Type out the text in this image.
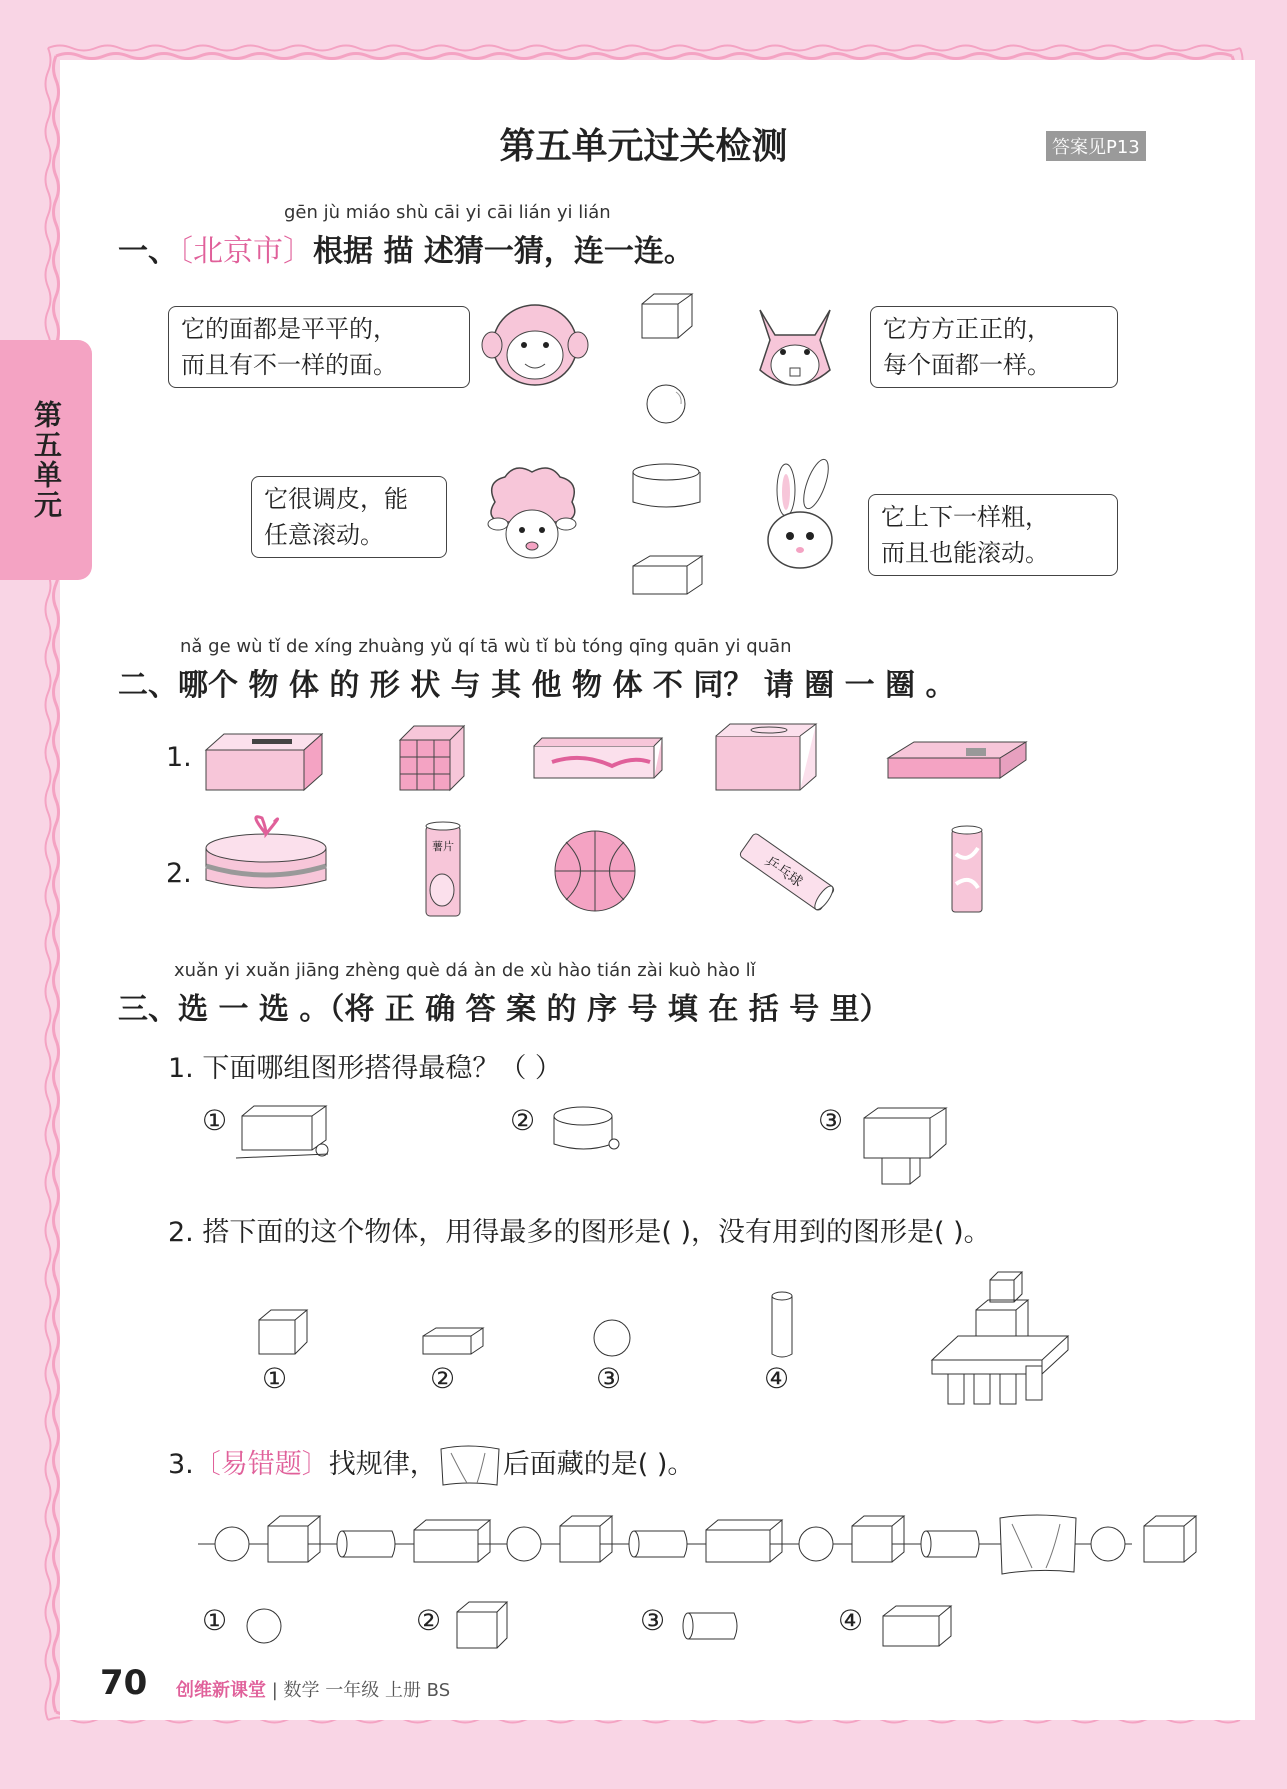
第五单元
第五单元过关检测	答案见P13
gēn jù miáo shù cāi yi cāi lián yi lián
一、〔北京市〕根据 描 述猜一猜，连一连。
它的面都是平平的，
而且有不一样的面。
它方方正正的，
每个面都一样。
它很调皮，能
任意滚动。
它上下一样粗，
而且也能滚动。
nǎ ge wù tǐ de xíng zhuàng yǔ qí tā wù tǐ bù tóng qīng quān yi quān
二、哪个 物 体 的 形 状 与 其 他 物 体 不 同？ 请 圈 一 圈 。
1.
2.
薯片
乒乓球
xuǎn yi xuǎn jiāng zhèng què dá àn de xù hào tián zài kuò hào lǐ
三、选 一 选 。（将 正 确 答 案 的 序 号 填 在 括 号 里）
1. 下面哪组图形搭得最稳？（ ）
①	②	③
2. 搭下面的这个物体，用得最多的图形是( )，没有用到的图形是( )。
①	②	③	④
3.〔易错题〕找规律， 后面藏的是( )。
①	②	③	④
70 创维新课堂 | 数学 一年级 上册 BS
